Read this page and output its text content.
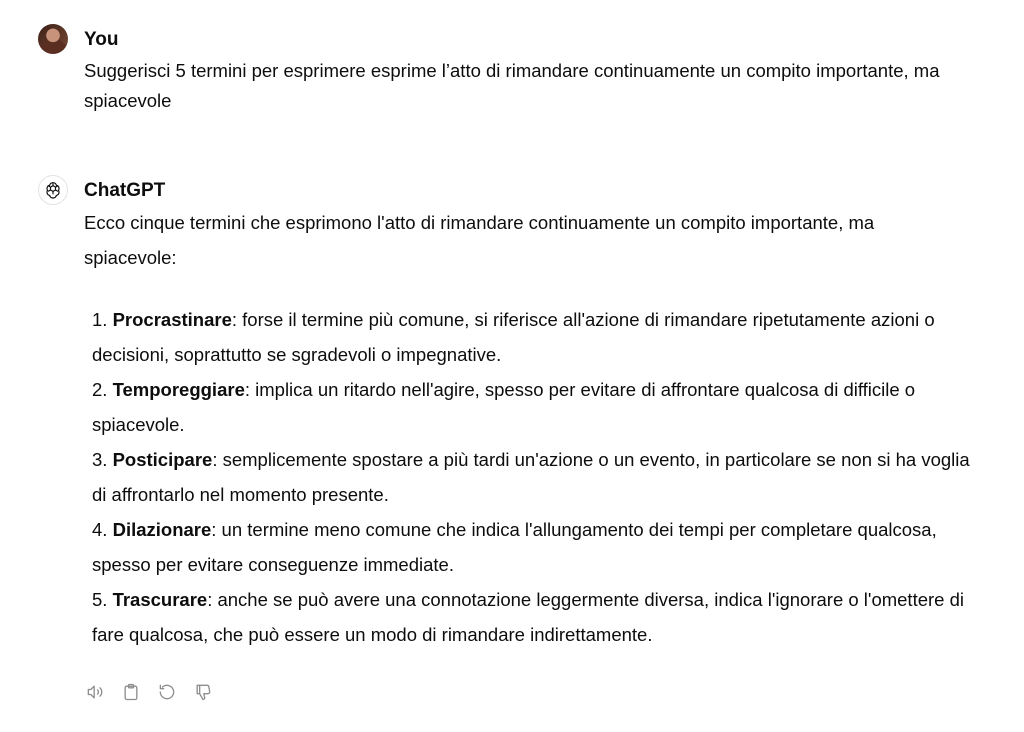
You
Suggerisci 5 termini per esprimere esprime l’atto di rimandare continuamente un compito importante, ma spiacevole
ChatGPT
Ecco cinque termini che esprimono l'atto di rimandare continuamente un compito importante, ma spiacevole:
1. Procrastinare: forse il termine più comune, si riferisce all'azione di rimandare ripetutamente azioni o decisioni, soprattutto se sgradevoli o impegnative.
2. Temporeggiare: implica un ritardo nell'agire, spesso per evitare di affrontare qualcosa di difficile o spiacevole.
3. Posticipare: semplicemente spostare a più tardi un'azione o un evento, in particolare se non si ha voglia di affrontarlo nel momento presente.
4. Dilazionare: un termine meno comune che indica l'allungamento dei tempi per completare qualcosa, spesso per evitare conseguenze immediate.
5. Trascurare: anche se può avere una connotazione leggermente diversa, indica l'ignorare o l'omettere di fare qualcosa, che può essere un modo di rimandare indirettamente.
